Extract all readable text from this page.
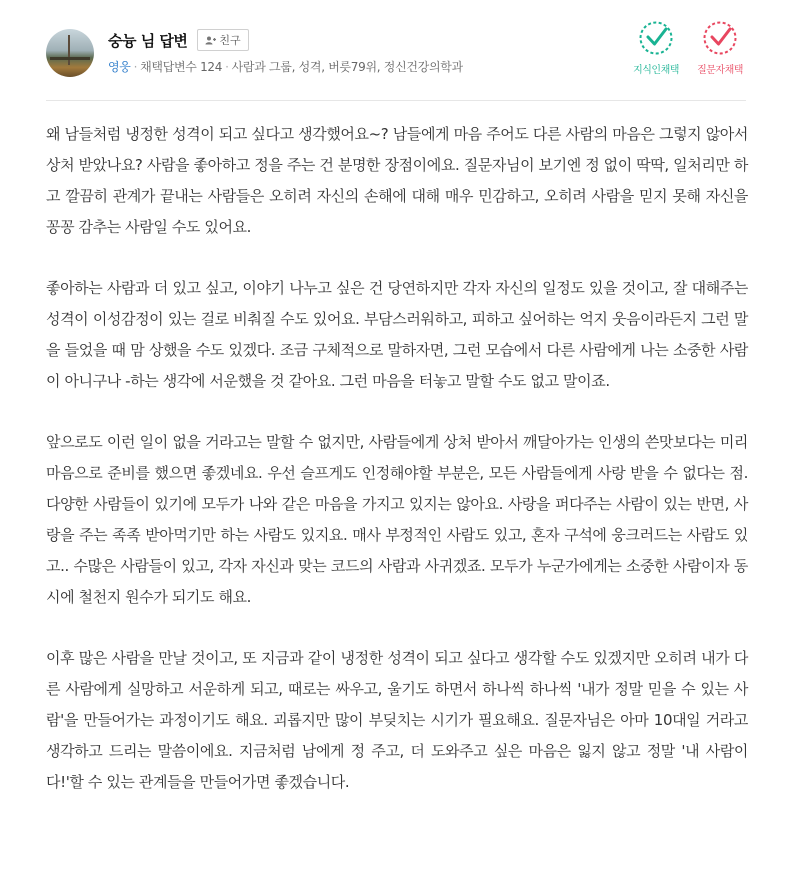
숭늉 님 답변	친구
영웅 · 채택답변수 124 · 사람과 그룹, 성격, 버릇79위, 정신건강의학과	지식인채택	질문자채택

왜 남들처럼 냉정한 성격이 되고 싶다고 생각했어요~? 남들에게 마음 주어도 다른 사람의 마음은 그렇지 않아서 상처 받았나요? 사람을 좋아하고 정을 주는 건 분명한 장점이에요. 질문자님이 보기엔 정 없이 딱딱, 일처리만 하고 깔끔히 관계가 끝내는 사람들은 오히려 자신의 손해에 대해 매우 민감하고, 오히려 사람을 믿지 못해 자신을 꽁꽁 감추는 사람일 수도 있어요.

좋아하는 사람과 더 있고 싶고, 이야기 나누고 싶은 건 당연하지만 각자 자신의 일정도 있을 것이고, 잘 대해주는 성격이 이성감정이 있는 걸로 비춰질 수도 있어요. 부담스러워하고, 피하고 싶어하는 억지 웃음이라든지 그런 말을 들었을 때 맘 상했을 수도 있겠다. 조금 구체적으로 말하자면, 그런 모습에서 다른 사람에게 나는 소중한 사람이 아니구나 -하는 생각에 서운했을 것 같아요. 그런 마음을 터놓고 말할 수도 없고 말이죠.

앞으로도 이런 일이 없을 거라고는 말할 수 없지만, 사람들에게 상처 받아서 깨달아가는 인생의 쓴맛보다는 미리 마음으로 준비를 했으면 좋겠네요. 우선 슬프게도 인정해야할 부분은, 모든 사람들에게 사랑 받을 수 없다는 점. 다양한 사람들이 있기에 모두가 나와 같은 마음을 가지고 있지는 않아요. 사랑을 퍼다주는 사람이 있는 반면, 사랑을 주는 족족 받아먹기만 하는 사람도 있지요. 매사 부정적인 사람도 있고, 혼자 구석에 웅크러드는 사람도 있고.. 수많은 사람들이 있고, 각자 자신과 맞는 코드의 사람과 사귀겠죠. 모두가 누군가에게는 소중한 사람이자 동시에 철천지 원수가 되기도 해요.

이후 많은 사람을 만날 것이고, 또 지금과 같이 냉정한 성격이 되고 싶다고 생각할 수도 있겠지만 오히려 내가 다른 사람에게 실망하고 서운하게 되고, 때로는 싸우고, 울기도 하면서 하나씩 하나씩 '내가 정말 믿을 수 있는 사람'을 만들어가는 과정이기도 해요. 괴롭지만 많이 부딪치는 시기가 필요해요. 질문자님은 아마 10대일 거라고 생각하고 드리는 말씀이에요. 지금처럼 남에게 정 주고, 더 도와주고 싶은 마음은 잃지 않고 정말 '내 사람이다!'할 수 있는 관계들을 만들어가면 좋겠습니다.
